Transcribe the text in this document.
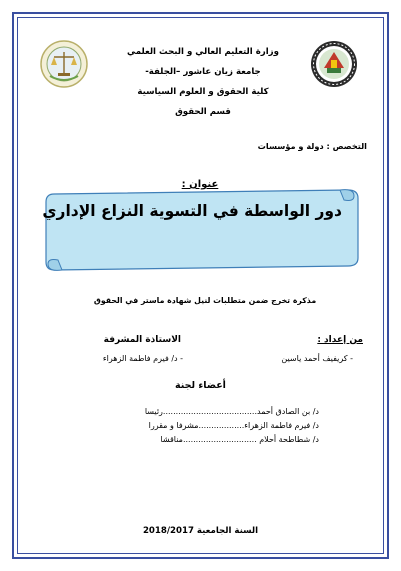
وزارة التعليم العالي و البحث العلمي
جامعة زيان عاشور –الجلفة-
كلية الحقوق و العلوم السياسية
قسم الحقوق
التخصص : دولة و مؤسسات
عنوان :
دور الواسطة في التسوية النزاع الإداري
مذكرة تخرج ضمن متطلبات لنيل شهادة ماستر في الحقوق
من إعداد :
الاستاذة المشرفة
- كريفيف أحمد ياسين
- د/ فيرم فاطمة الزهراء
أعضاء لجنة
د/ بن الصادق أحمد.....................................رئيسا
د/ فيرم فاطمة الزهراء..................مشرفا و مقررا
د/ شطاطحة أحلام .............................مناقشا
السنة الجامعية 2018/2017
